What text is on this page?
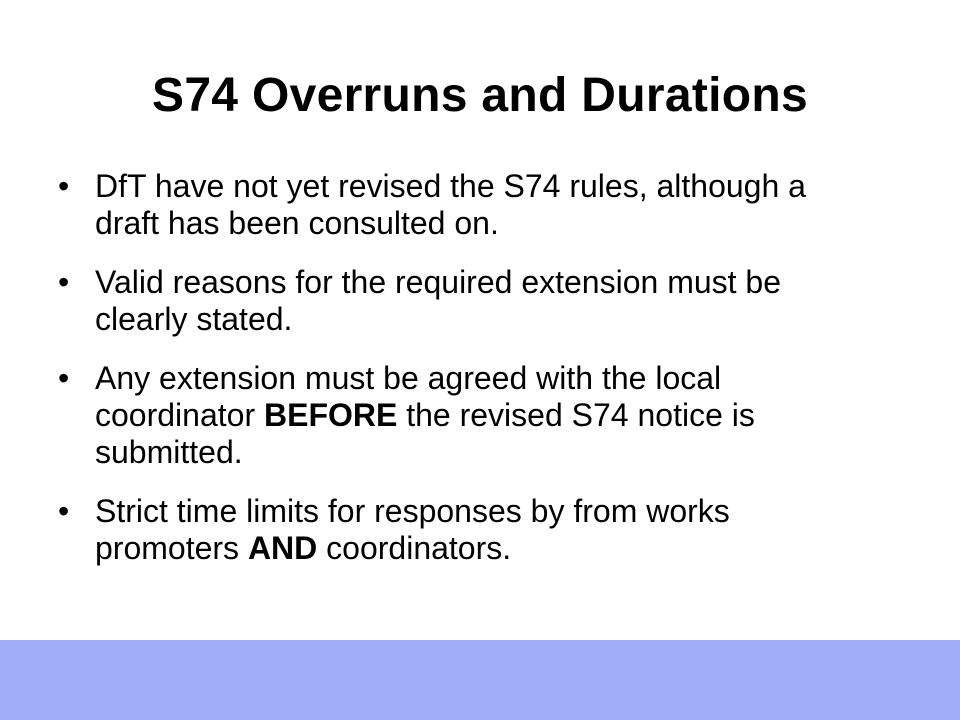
S74 Overruns and Durations
• DfT have not yet revised the S74 rules, although a draft has been consulted on.
• Valid reasons for the required extension must be clearly stated.
• Any extension must be agreed with the local coordinator BEFORE the revised S74 notice is submitted.
• Strict time limits for responses by from works promoters AND coordinators.
